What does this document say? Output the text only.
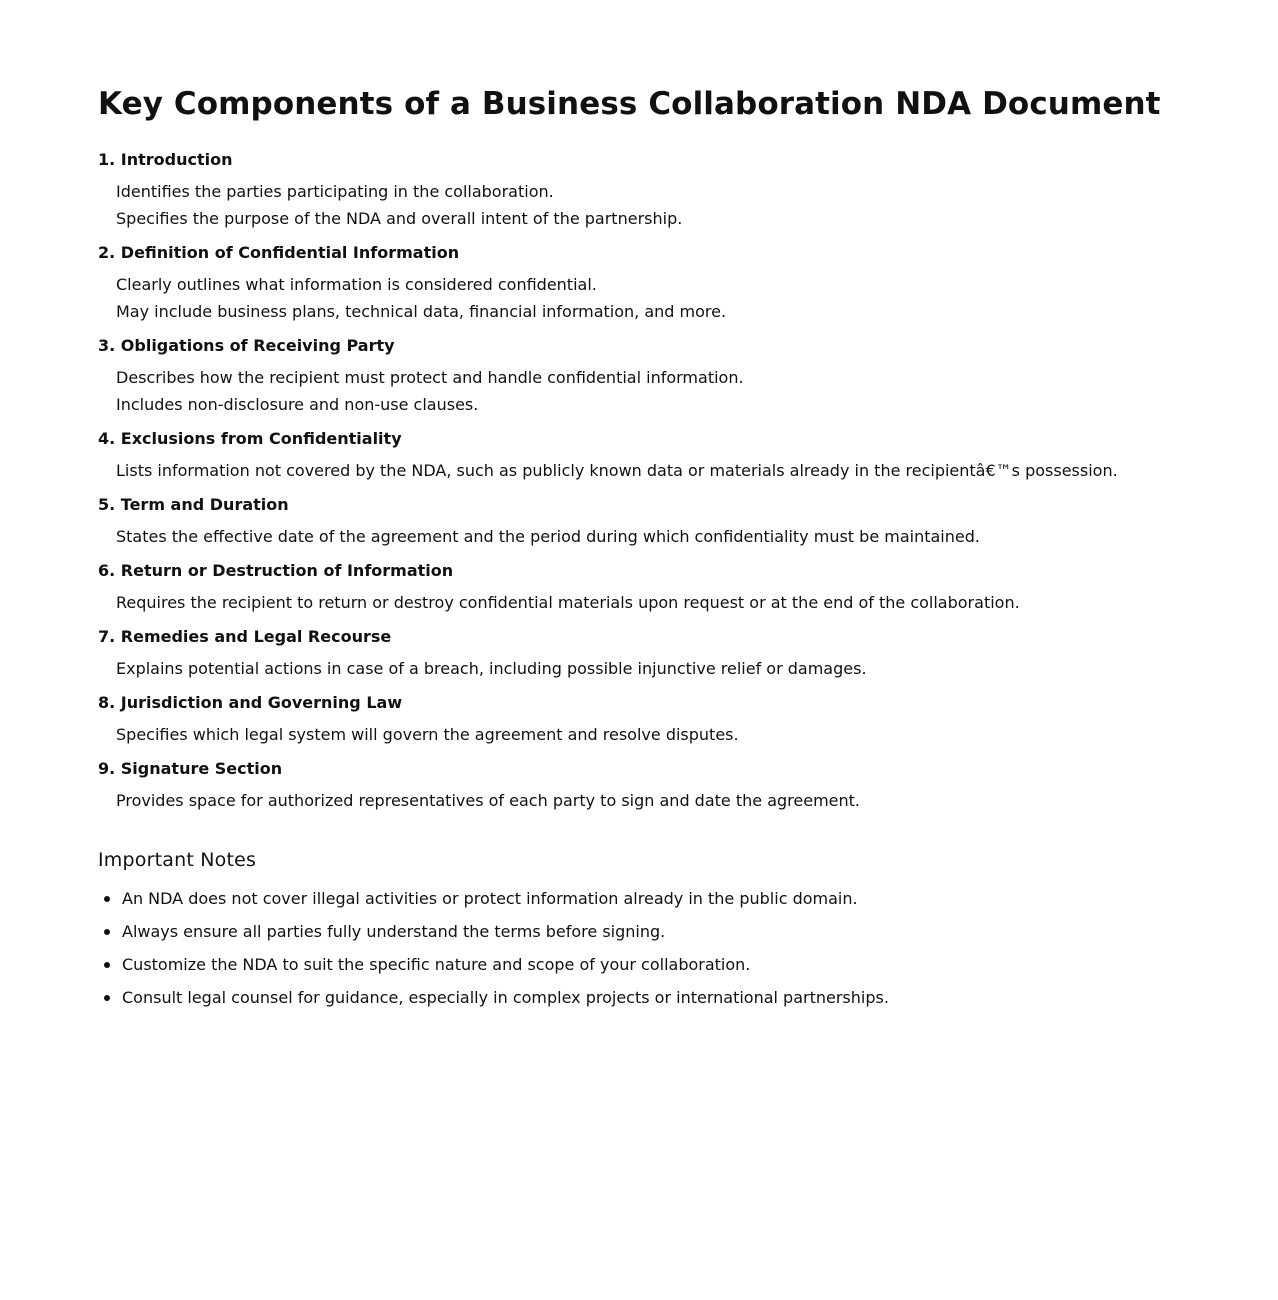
Key Components of a Business Collaboration NDA Document
1. Introduction
Identifies the parties participating in the collaboration.
Specifies the purpose of the NDA and overall intent of the partnership.
2. Definition of Confidential Information
Clearly outlines what information is considered confidential.
May include business plans, technical data, financial information, and more.
3. Obligations of Receiving Party
Describes how the recipient must protect and handle confidential information.
Includes non-disclosure and non-use clauses.
4. Exclusions from Confidentiality
Lists information not covered by the NDA, such as publicly known data or materials already in the recipientâ€™s possession.
5. Term and Duration
States the effective date of the agreement and the period during which confidentiality must be maintained.
6. Return or Destruction of Information
Requires the recipient to return or destroy confidential materials upon request or at the end of the collaboration.
7. Remedies and Legal Recourse
Explains potential actions in case of a breach, including possible injunctive relief or damages.
8. Jurisdiction and Governing Law
Specifies which legal system will govern the agreement and resolve disputes.
9. Signature Section
Provides space for authorized representatives of each party to sign and date the agreement.
Important Notes
An NDA does not cover illegal activities or protect information already in the public domain.
Always ensure all parties fully understand the terms before signing.
Customize the NDA to suit the specific nature and scope of your collaboration.
Consult legal counsel for guidance, especially in complex projects or international partnerships.
